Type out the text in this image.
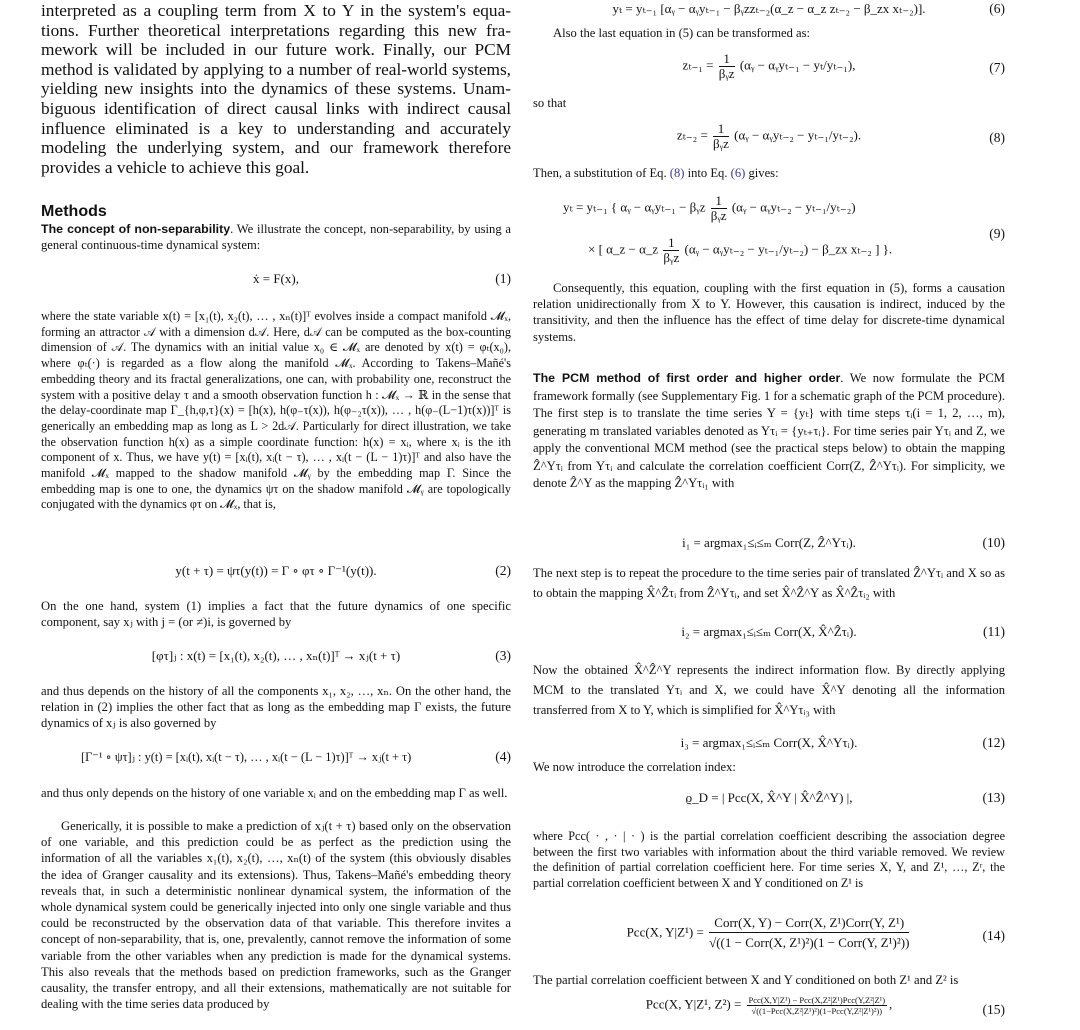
interpreted as a coupling term from X to Y in the system's equa-
tions. Further theoretical interpretations regarding this new fra-
mework will be included in our future work. Finally, our PCM
method is validated by applying to a number of real-world systems,
yielding new insights into the dynamics of these systems. Unam-
biguous identification of direct causal links with indirect causal
influence eliminated is a key to understanding and accurately
modeling the underlying system, and our framework therefore
provides a vehicle to achieve this goal.
Methods

The concept of non-separability. We illustrate the concept, non-separability, by using a general continuous-time dynamical system:

ẋ = F(x),	(1)

where the state variable x(t) = [x₁(t), x₂(t), … , xₙ(t)]ᵀ evolves inside a compact manifold 𝓜ₓ, forming an attractor 𝒜 with a dimension d𝒜. Here, d𝒜 can be computed as the box-counting dimension of 𝒜. The dynamics with an initial value x₀ ∈ 𝓜ₓ are denoted by x(t) = φₜ(x₀), where φₜ(·) is regarded as a flow along the manifold 𝓜ₓ. According to Takens–Mañé's embedding theory and its fractal generalizations, one can, with probability one, reconstruct the system with a positive delay τ and a smooth observation function h : 𝓜ₓ → ℝ in the sense that the delay-coordinate map Γ_{h,φ,τ}(x) = [h(x), h(φ₋τ(x)), h(φ₋₂τ(x)), … , h(φ₋(L−1)τ(x))]ᵀ is generically an embedding map as long as L > 2d𝒜. Particularly for direct illustration, we take the observation function h(x) as a simple coordinate function: h(x) = xᵢ, where xᵢ is the ith component of x. Thus, we have y(t) = [xᵢ(t), xᵢ(t − τ), … , xᵢ(t − (L − 1)τ)]ᵀ and also have the manifold 𝓜ₓ mapped to the shadow manifold 𝓜ᵧ by the embedding map Γ. Since the embedding map is one to one, the dynamics ψτ on the shadow manifold 𝓜ᵧ are topologically conjugated with the dynamics φτ on 𝓜ₓ, that is,

y(t + τ) = ψτ(y(t)) = Γ ∘ φτ ∘ Γ⁻¹(y(t)).	(2)

On the one hand, system (1) implies a fact that the future dynamics of one specific component, say xⱼ with j = (or ≠)i, is governed by

[φτ]ⱼ : x(t) = [x₁(t), x₂(t), … , xₙ(t)]ᵀ → xⱼ(t + τ)	(3)

and thus depends on the history of all the components x₁, x₂, …, xₙ. On the other hand, the relation in (2) implies the other fact that as long as the embedding map Γ exists, the future dynamics of xⱼ is also governed by

[Γ⁻¹ ∘ ψτ]ⱼ : y(t) = [xᵢ(t), xᵢ(t − τ), … , xᵢ(t − (L − 1)τ)]ᵀ → xⱼ(t + τ)	(4)

and thus only depends on the history of one variable xᵢ and on the embedding map Γ as well.

Generically, it is possible to make a prediction of xⱼ(t + τ) based only on the observation of one variable, and this prediction could be as perfect as the prediction using the information of all the variables x₁(t), x₂(t), …, xₙ(t) of the system (this obviously disables the idea of Granger causality and its extensions). Thus, Takens–Mañé's embedding theory reveals that, in such a deterministic nonlinear dynamical system, the information of the whole dynamical system could be generically injected into only one single variable and thus could be reconstructed by the observation data of that variable. This therefore invites a concept of non-separability, that is, one, prevalently, cannot remove the information of some variable from the other variables when any prediction is made for the dynamical systems. This also reveals that the methods based on prediction frameworks, such as the Granger causality, the transfer entropy, and all their extensions, mathematically are not suitable for dealing with the time series data produced by

yₜ = yₜ₋₁ [αᵧ − αᵧyₜ₋₁ − βᵧzzₜ₋₂(α_z − α_z zₜ₋₂ − β_zx xₜ₋₂)].	(6)

Also the last equation in (5) can be transformed as:

$z_{t-1} = \frac{1}{\text{βᵧz}}$ (αᵧ − αᵧyₜ₋₁ − yₜ/yₜ₋₁),	(7)

so that

$z_{t-2} = \frac{1}{\text{βᵧz}}$ (αᵧ − αᵧyₜ₋₂ − yₜ₋₁/yₜ₋₂).	(8)

Then, a substitution of Eq. (8) into Eq. (6) gives:

yₜ = yₜ₋₁ { αᵧ − αᵧyₜ₋₁ − βᵧz $\frac{1}{\text{βᵧz}}$ (αᵧ − αᵧyₜ₋₂ − yₜ₋₁/yₜ₋₂)
× [ α_z − α_z $\frac{1}{\text{βᵧz}}$ (αᵧ − αᵧyₜ₋₂ − yₜ₋₁/yₜ₋₂) − β_zx xₜ₋₂ ] }.
(9)

Consequently, this equation, coupling with the first equation in (5), forms a causation relation unidirectionally from X to Y. However, this causation is indirect, induced by the transitivity, and then the influence has the effect of time delay for discrete-time dynamical systems.

The PCM method of first order and higher order. We now formulate the PCM framework formally (see Supplementary Fig. 1 for a schematic graph of the PCM procedure). The first step is to translate the time series Y = {yₜ} with time steps τᵢ(i = 1, 2, …, m), generating m translated variables denoted as Yτᵢ = {yₜ₊τᵢ}. For time series pair Yτᵢ and Z, we apply the conventional MCM method (see the practical steps below) to obtain the mapping Ẑ^Yτᵢ from Yτᵢ and calculate the correlation coefficient Corr(Z, Ẑ^Yτᵢ). For simplicity, we denote Ẑ^Y as the mapping Ẑ^Yτᵢ₁ with

i₁ = argmax₁≤ᵢ≤ₘ Corr(Z, Ẑ^Yτᵢ).	(10)

The next step is to repeat the procedure to the time series pair of translated Ẑ^Yτᵢ and X so as to obtain the mapping X̂^Ẑτᵢ from Ẑ^Yτᵢ, and set X̂^Ẑ^Y as X̂^Ẑτᵢ₂ with

i₂ = argmax₁≤ᵢ≤ₘ Corr(X, X̂^Ẑτᵢ).	(11)

Now the obtained X̂^Ẑ^Y represents the indirect information flow. By directly applying MCM to the translated Yτᵢ and X, we could have X̂^Y denoting all the information transferred from X to Y, which is simplified for X̂^Yτᵢ₃ with

i₃ = argmax₁≤ᵢ≤ₘ Corr(X, X̂^Yτᵢ).	(12)

We now introduce the correlation index:

ϱ_D = | Pcc(X, X̂^Y | X̂^Ẑ^Y) |,	(13)

where Pcc( · , · | · ) is the partial correlation coefficient describing the association degree between the first two variables with information about the third variable removed. We review the definition of partial correlation coefficient here. For time series X, Y, and Z¹, …, Zʳ, the partial correlation coefficient between X and Y conditioned on Z¹ is

Pcc(X, $Y|Z^1) = \frac{\text{Corr(X, Y) − Corr(X, Z¹)Corr(Y, Z¹)}}{\text{√((1 − Corr(X, Z¹)²)(1 − Corr(Y, Z¹)²))}}$	(14)

The partial correlation coefficient between X and Y conditioned on both Z¹ and Z² is

Pcc(X, Y|Z¹, $Z^2) = \frac{\text{Pcc(X,Y|Z¹) − Pcc(X,Z²|Z¹)Pcc(Y,Z²|Z¹)}}{\text{√((1−Pcc(X,Z²|Z¹)²)(1−Pcc(Y,Z²|Z¹)²))}}$ ,	(15)
